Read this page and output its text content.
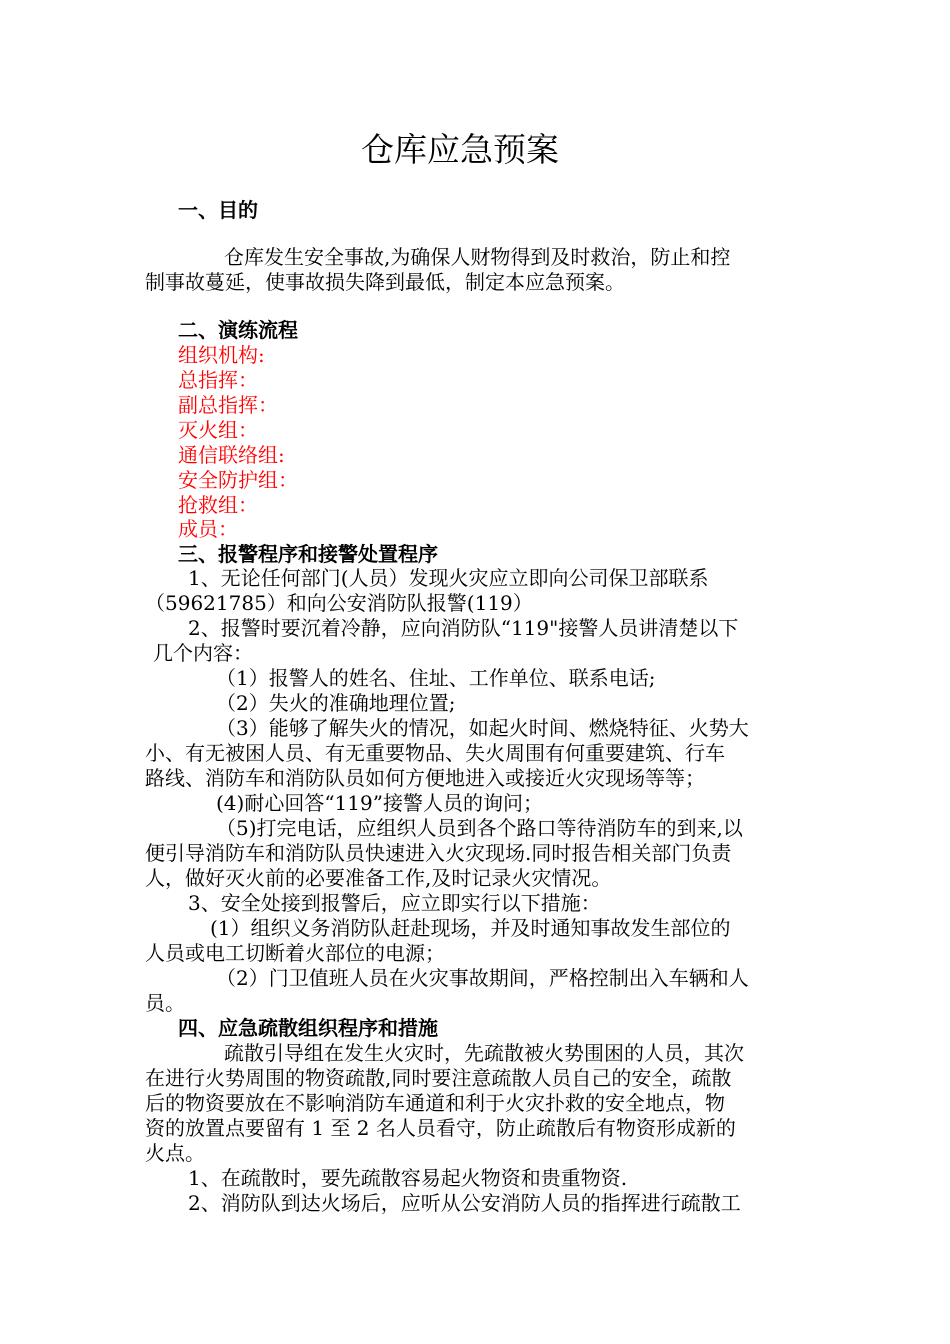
仓库应急预案
一、目的
仓库发生安全事故,为确保人财物得到及时救治，防止和控
制事故蔓延，使事故损失降到最低，制定本应急预案。
二、演练流程
组织机构:
总指挥：
副总指挥：
灭火组：
通信联络组:
安全防护组：
抢救组：
成员：
三、报警程序和接警处置程序
1、无论任何部门(人员）发现火灾应立即向公司保卫部联系
（59621785）和向公安消防队报警(119）
2、报警时要沉着冷静，应向消防队“119"接警人员讲清楚以下
几个内容：
（1）报警人的姓名、住址、工作单位、联系电话;
（2）失火的准确地理位置;
（3）能够了解失火的情况，如起火时间、燃烧特征、火势大
小、有无被困人员、有无重要物品、失火周围有何重要建筑、行车
路线、消防车和消防队员如何方便地进入或接近火灾现场等等；
(4)耐心回答“119”接警人员的询问；
（5)打完电话，应组织人员到各个路口等待消防车的到来,以
便引导消防车和消防队员快速进入火灾现场.同时报告相关部门负责
人，做好灭火前的必要准备工作,及时记录火灾情况。
3、安全处接到报警后，应立即实行以下措施：
(1）组织义务消防队赶赴现场，并及时通知事故发生部位的
人员或电工切断着火部位的电源；
（2）门卫值班人员在火灾事故期间，严格控制出入车辆和人
员。
四、应急疏散组织程序和措施
疏散引导组在发生火灾时，先疏散被火势围困的人员，其次
在进行火势周围的物资疏散,同时要注意疏散人员自己的安全，疏散
后的物资要放在不影响消防车通道和利于火灾扑救的安全地点，物
资的放置点要留有 1 至 2 名人员看守，防止疏散后有物资形成新的
火点。
1、在疏散时，要先疏散容易起火物资和贵重物资.
2、消防队到达火场后，应听从公安消防人员的指挥进行疏散工
